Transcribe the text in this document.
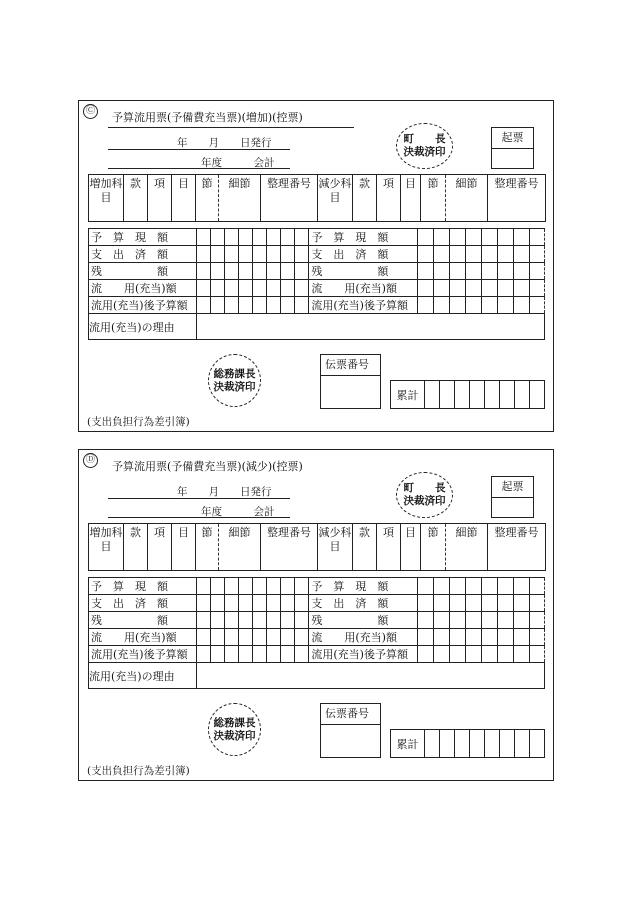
Ⓒ 予算流用票(予備費充当票)(増加)(控票)
年　　月　　日発行
年度　　　会計
町　　長
決裁済印
起票
増加科目	款	項	目	節	細節	整理番号	減少科目	款	項	目	節	細節	整理番号
予　算　現　額									予　算　現　額								
支　出　済　額									支　出　済　額								
残　　　　　額									残　　　　　額								
流　　用(充当)額									流　　用(充当)額								
流用(充当)後予算額									流用(充当)後予算額								
流用(充当)の理由																	
総務課長
決裁済印
伝票番号
累計								
(支出負担行為差引簿)
Ⓓ 予算流用票(予備費充当票)(減少)(控票)
年　　月　　日発行
年度　　　会計
町　　長
決裁済印
起票
増加科目	款	項	目	節	細節	整理番号	減少科目	款	項	目	節	細節	整理番号
予　算　現　額									予　算　現　額								
支　出　済　額									支　出　済　額								
残　　　　　額									残　　　　　額								
流　　用(充当)額									流　　用(充当)額								
流用(充当)後予算額									流用(充当)後予算額								
流用(充当)の理由																	
総務課長
決裁済印
伝票番号
累計								
(支出負担行為差引簿)
